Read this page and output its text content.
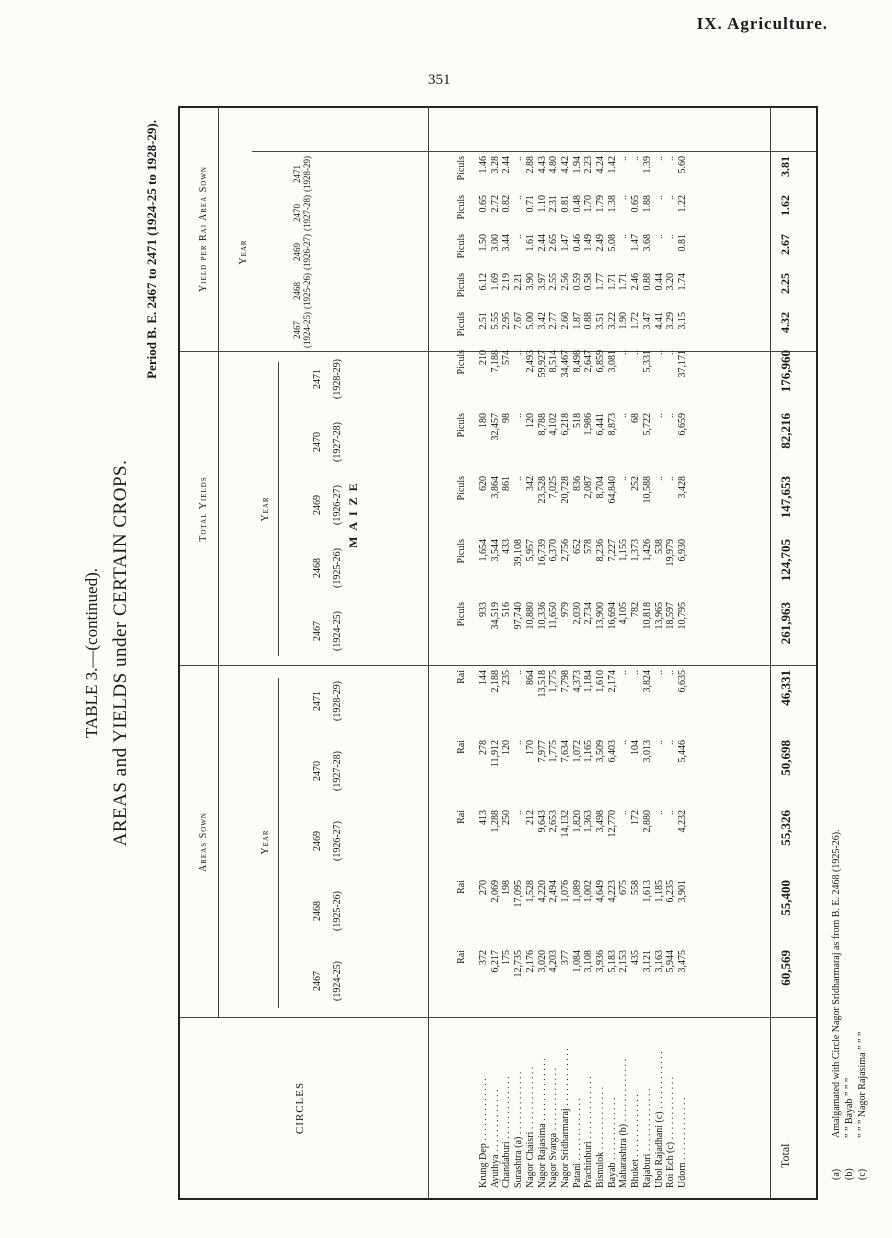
IX. Agriculture.
351
TABLE 3.—(continued). AREAS and YIELDS under CERTAIN CROPS.
Period B. E. 2467 to 2471 (1924-25 to 1928-29).
CIRCLES
Areas Sown
Total Yields
Yield per Rai Area Sown
Year
Year
Year
MAIZE
2467 (1924-25)
2467 (1924-25)
2467 (1924-25)
2468 (1925-26)
2468 (1925-26)
2468 (1925-26)
2469 (1926-27)
2469 (1926-27)
2469 (1926-27)
2470 (1927-28)
2470 (1927-28)
2470 (1927-28)
2471 (1928-29)
2471 (1928-29)
2471 (1928-29)
Krung Dep . . . Ayuthya . . . Chandaburi . . . Surashtra (a) . . . Nagor Chaisri . . . Nagor Rajasima . . . Nagor Svarga . . . Nagor Sridharmaraj . . . Patani . . . Prachinburi . . . Bisnulok . . . Bayab . . . Maharashtra (b) . . . Bhuket . . . Rajaburi . . . Ubol Rajadhani (c) . . . Roi Ech (c) . . . Udorn . . .
Rai
Rai
Rai
Rai
Rai
Piculs
Piculs
Piculs
Piculs
Piculs
Piculs
Piculs
Piculs
Piculs
Piculs
372 6,217 175 12,735 2,176 3,020 4,203 377 1,084 3,108 3,936 5,183 2,153 435 3,121 3,163 5,944 3,475
270 2,069 198 17,095 1,528 4,220 2,494 1,076 1,089 1,002 4,649 4,223 675 558 1,613 1,185 6,235 3,901
413 1,288 250 .. 212 9,643 2,653 14,132 1,820 1,363 3,498 12,770 .. 172 2,880 .. .. 4,232
278 11,912 120 .. 170 7,977 1,775 7,634 1,072 1,165 3,509 6,403 .. 104 3,013 .. .. 5,446
144 2,188 235 .. 864 13,518 1,775 7,798 4,373 1,184 1,610 2,174 .. .. 3,824 .. .. 6,635
933 34,519 516 97,740 10,880 10,336 11,650 979 2,030 2,734 13,900 16,694 4,105 782 10,818 13,965 18,597 10,795
1,654 3,544 433 39,108 5,957 16,739 6,370 2,756 652 578 8,236 7,227 1,155 1,373 1,426 538 19,979 6,930
620 3,864 861 .. 342 23,528 7,025 20,728 836 2,087 8,704 64,840 .. 252 10,588 .. .. 3,428
180 32,457 98 .. 120 8,788 4,102 6,218 518 1,986 6,441 8,873 .. 68 5,722 .. .. 6,659
210 7,188 574 .. 2,493 59,927 8,514 34,467 8,498 2,647 6,859 3,081 .. .. 5,331 .. .. 37,171
2.51 5.55 2.95 7.67 5.00 3.42 2.77 2.60 1.87 0.88 3.51 3.22 1.90 1.72 3.47 4.41 3.29 3.15
6.12 1.69 2.19 2.21 3.90 3.97 2.55 2.56 0.59 0.58 1.77 1.71 1.71 2.46 0.88 0.44 3.20 1.74
1.50 3.00 3.44 .. 1.61 2.44 2.65 1.47 0.46 1.49 2.49 5.08 .. 1.47 3.68 .. .. 0.81
0.65 2.72 0.82 .. 0.71 1.10 2.31 0.81 0.48 1.70 1.79 1.38 .. 0.65 1.88 .. .. 1.22
1.46 3.28 2.44 .. 2.88 4.43 4.80 4.42 1.94 2.23 4.24 1.42 .. .. 1.39 .. .. 5.60
Total
60,569
55,400
55,326
50,698
46,331
261,963
124,705
147,653
82,216
176,960
4.32
2.25
2.67
1.62
3.81
(a)Amalgamated with Circle Nagor Sridharmaraj as from B. E. 2468 (1925-26).
(b)” ” Bayab ” ” ”
(c)” ” ” Nagor Rajasima ” ” ”
